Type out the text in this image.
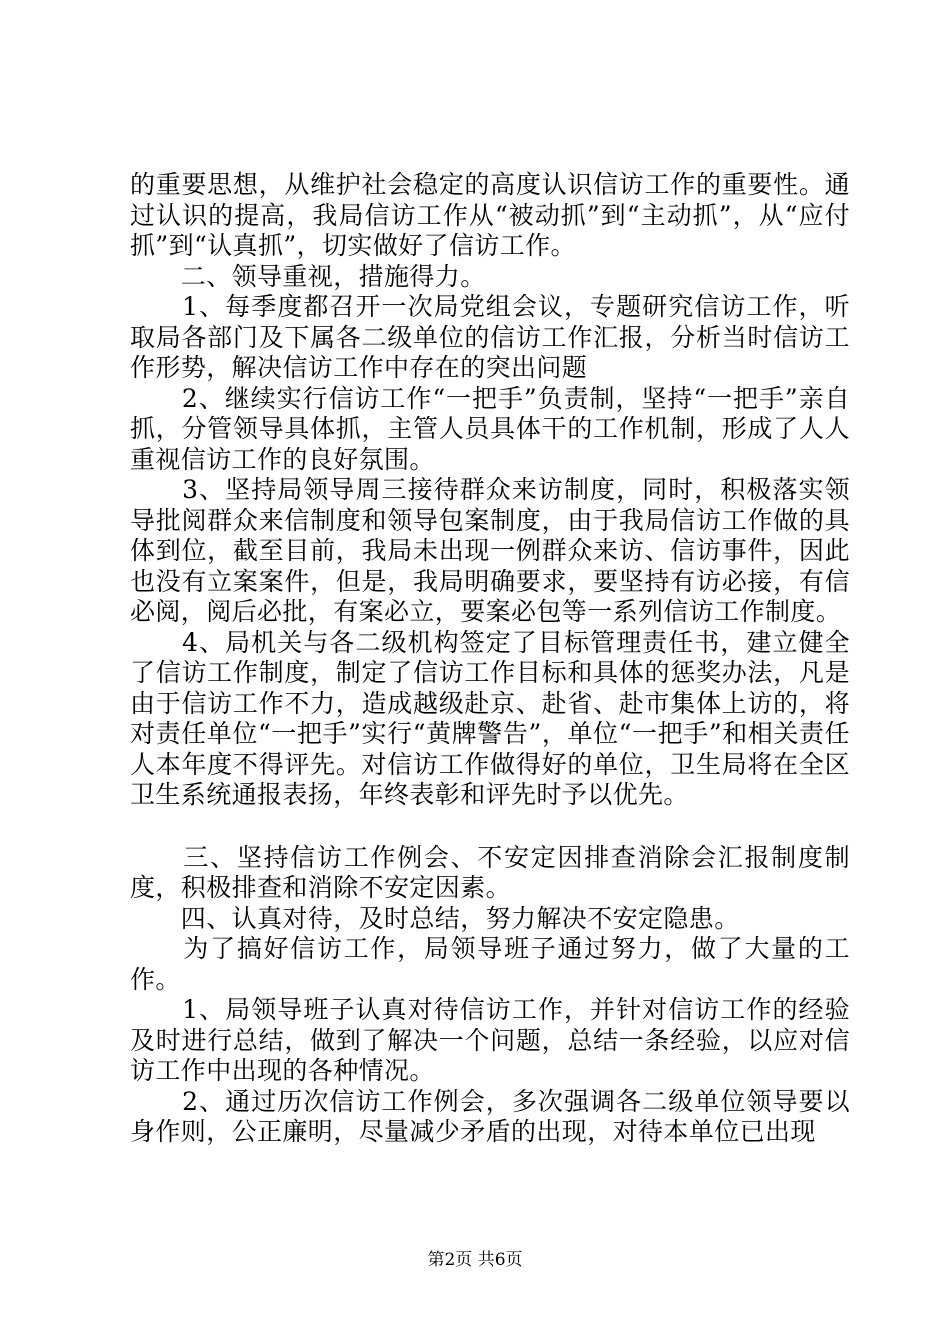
的重要思想，从维护社会稳定的高度认识信访工作的重要性。通过认识的提高，我局信访工作从“被动抓”到“主动抓”，从“应付抓”到“认真抓”，切实做好了信访工作。

　　二、领导重视，措施得力。

　　1、每季度都召开一次局党组会议，专题研究信访工作，听取局各部门及下属各二级单位的信访工作汇报，分析当时信访工作形势，解决信访工作中存在的突出问题

　　2、继续实行信访工作“一把手”负责制，坚持“一把手”亲自抓，分管领导具体抓，主管人员具体干的工作机制，形成了人人重视信访工作的良好氛围。

　　3、坚持局领导周三接待群众来访制度，同时，积极落实领导批阅群众来信制度和领导包案制度，由于我局信访工作做的具体到位，截至目前，我局未出现一例群众来访、信访事件，因此也没有立案案件，但是，我局明确要求，要坚持有访必接，有信必阅，阅后必批，有案必立，要案必包等一系列信访工作制度。

　　4、局机关与各二级机构签定了目标管理责任书，建立健全了信访工作制度，制定了信访工作目标和具体的惩奖办法，凡是由于信访工作不力，造成越级赴京、赴省、赴市集体上访的，将对责任单位“一把手”实行“黄牌警告”，单位“一把手”和相关责任人本年度不得评先。对信访工作做得好的单位，卫生局将在全区卫生系统通报表扬，年终表彰和评先时予以优先。

　　三、坚持信访工作例会、不安定因排查消除会汇报制度制度，积极排查和消除不安定因素。

　　四、认真对待，及时总结，努力解决不安定隐患。

　　为了搞好信访工作，局领导班子通过努力，做了大量的工作。

　　1、局领导班子认真对待信访工作，并针对信访工作的经验及时进行总结，做到了解决一个问题，总结一条经验，以应对信访工作中出现的各种情况。

　　2、通过历次信访工作例会，多次强调各二级单位领导要以身作则，公正廉明，尽量减少矛盾的出现，对待本单位已出现

第2页 共6页
